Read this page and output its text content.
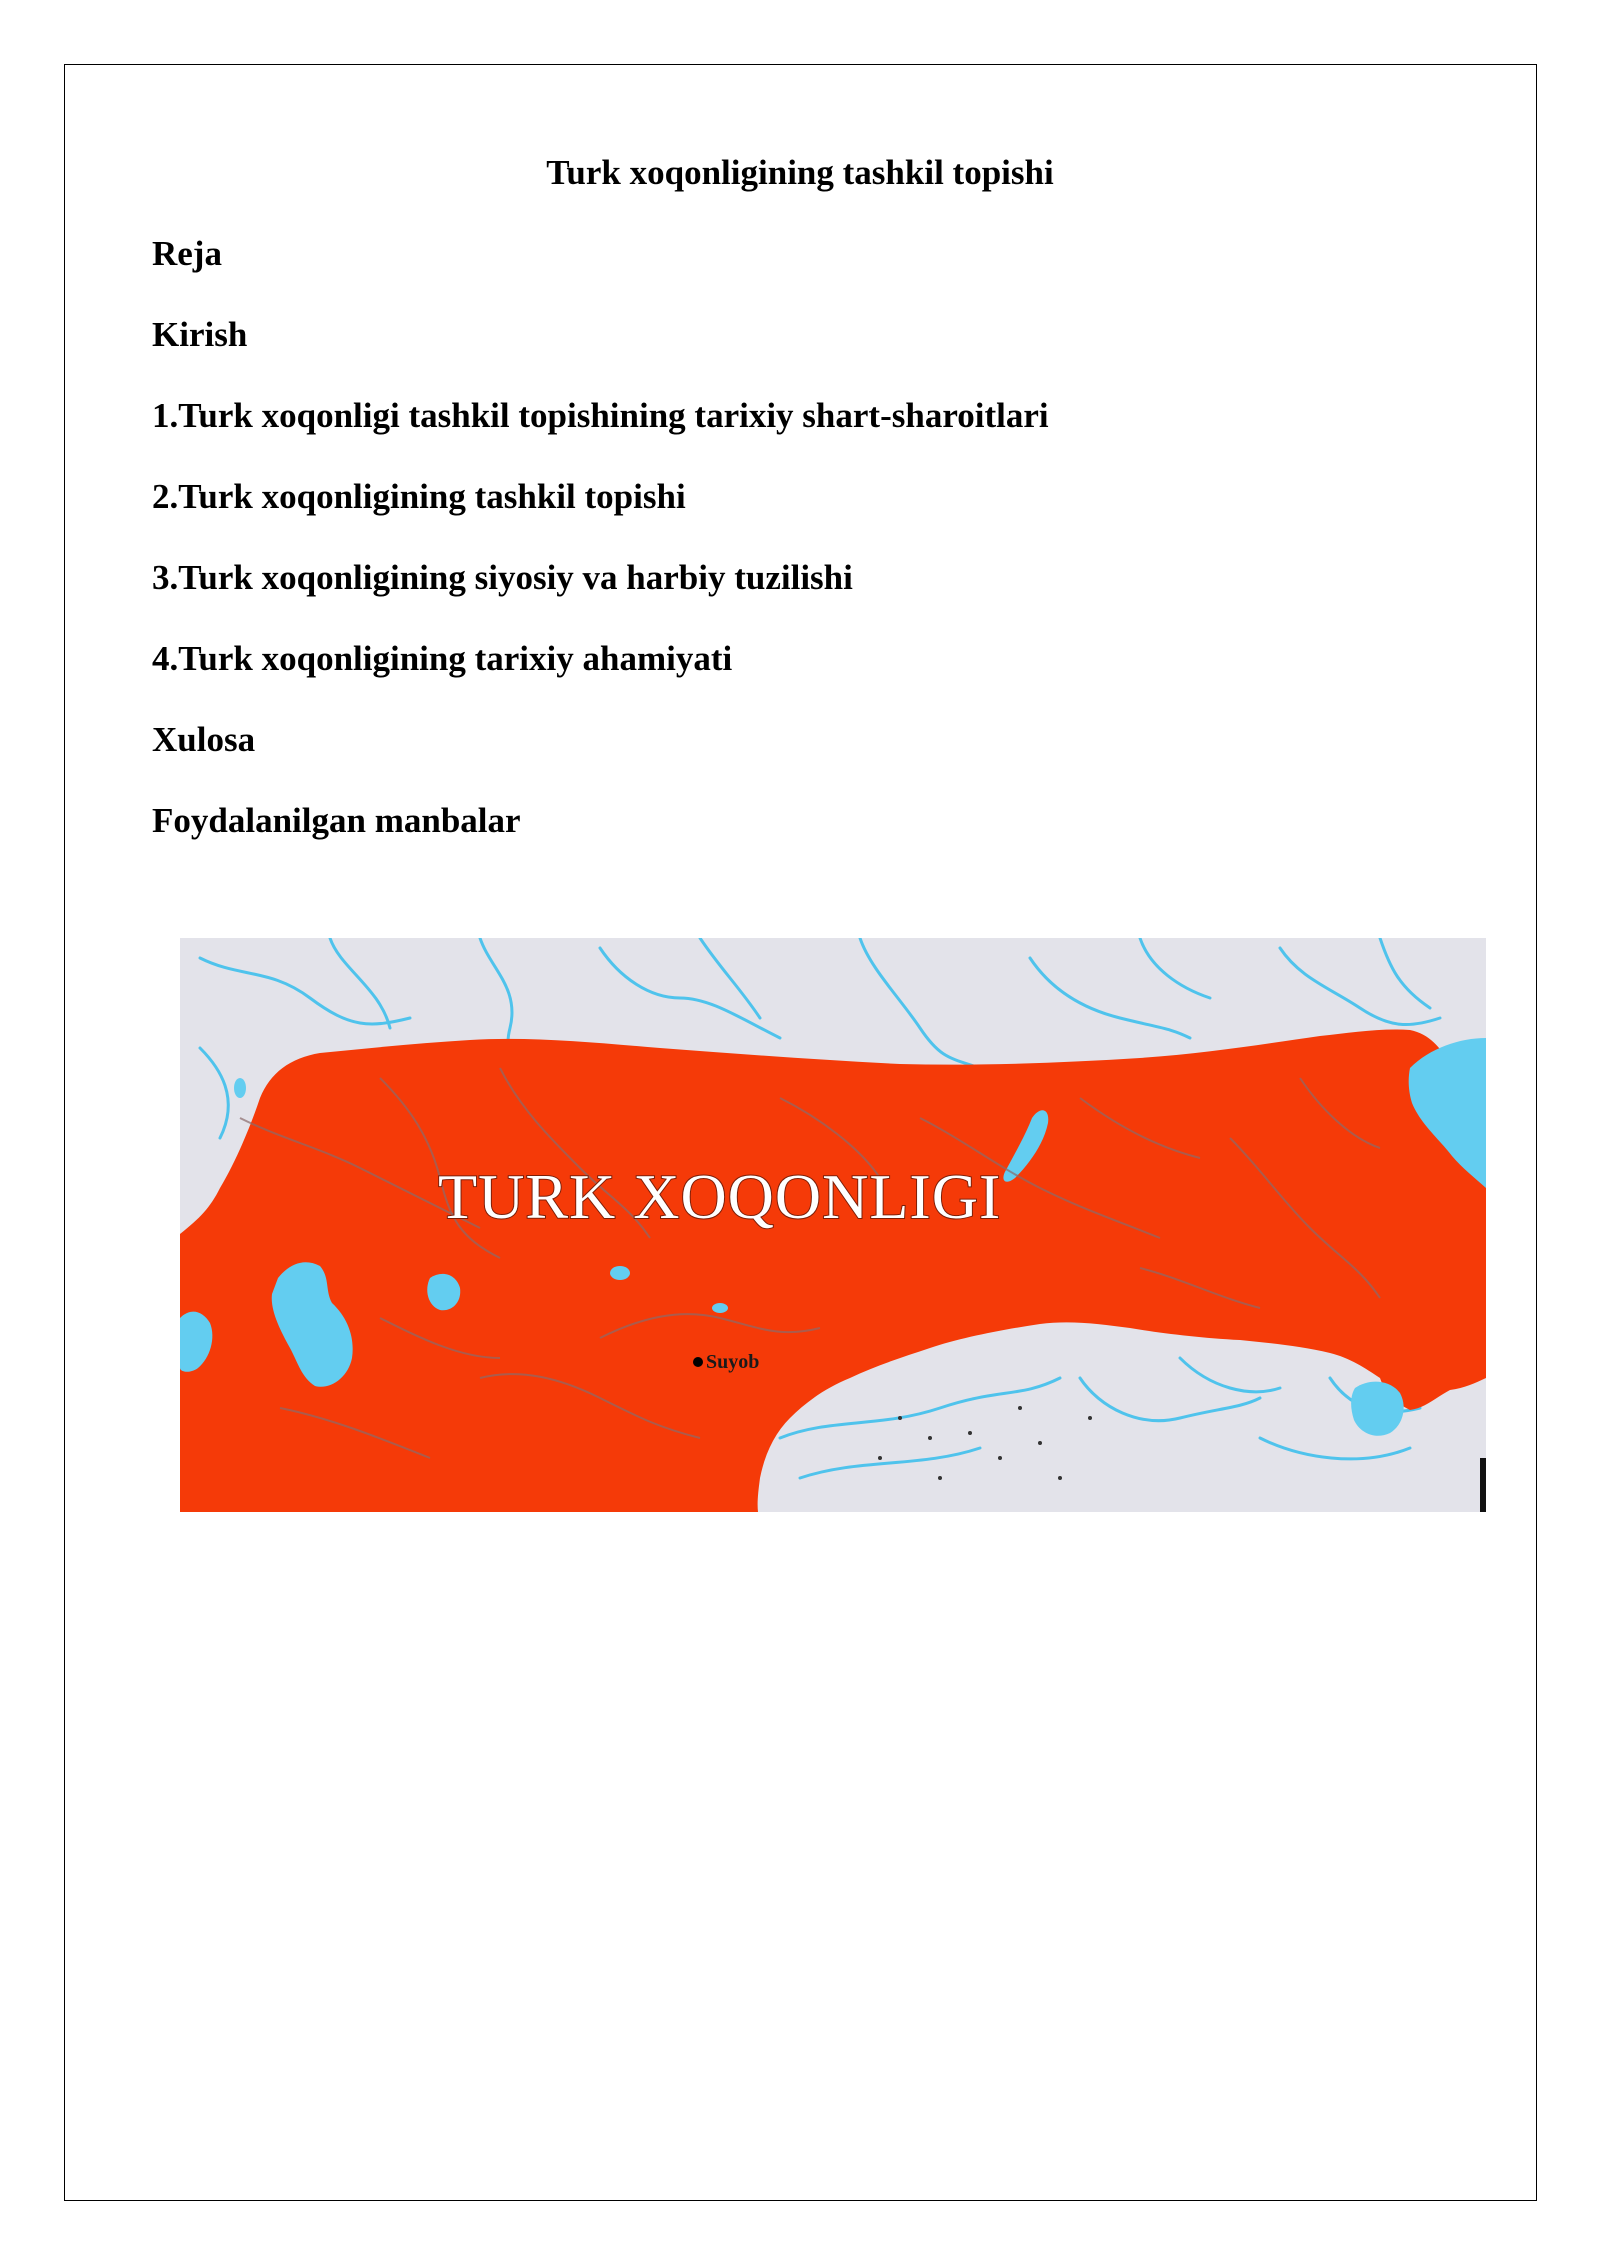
Turk xoqonligining tashkil topishi
Reja
Kirish
1.Turk xoqonligi tashkil topishining tarixiy shart-sharoitlari
2.Turk xoqonligining tashkil topishi
3.Turk xoqonligining siyosiy va harbiy tuzilishi
4.Turk xoqonligining tarixiy ahamiyati
Xulosa
Foydalanilgan manbalar
TURK XOQONLIGI
Suyob
